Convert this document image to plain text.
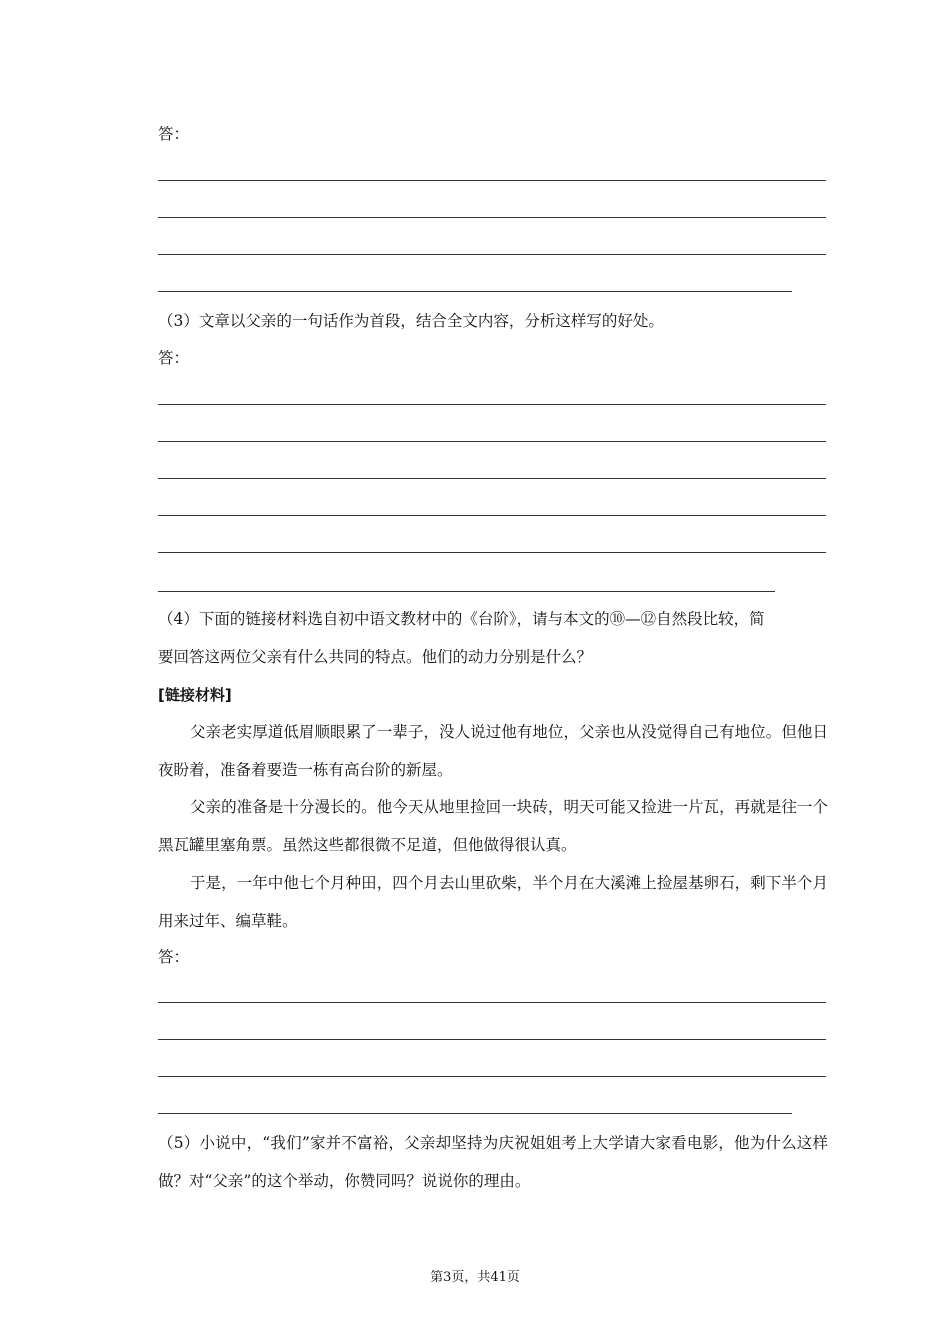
答：

（3）文章以父亲的一句话作为首段，结合全文内容，分析这样写的好处。

答：

（4）下面的链接材料选自初中语文教材中的《台阶》，请与本文的⑩—⑫自然段比较，简

要回答这两位父亲有什么共同的特点。他们的动力分别是什么？

[链接材料]

父亲老实厚道低眉顺眼累了一辈子，没人说过他有地位，父亲也从没觉得自己有地位。但他日夜盼着，准备着要造一栋有高台阶的新屋。

父亲的准备是十分漫长的。他今天从地里捡回一块砖，明天可能又捡进一片瓦，再就是往一个黑瓦罐里塞角票。虽然这些都很微不足道，但他做得很认真。

于是，一年中他七个月种田，四个月去山里砍柴，半个月在大溪滩上捡屋基卵石，剩下半个月用来过年、编草鞋。

答：

（5）小说中，“我们”家并不富裕，父亲却坚持为庆祝姐姐考上大学请大家看电影，他为什么这样做？对“父亲”的这个举动，你赞同吗？说说你的理由。

第3页，共41页
